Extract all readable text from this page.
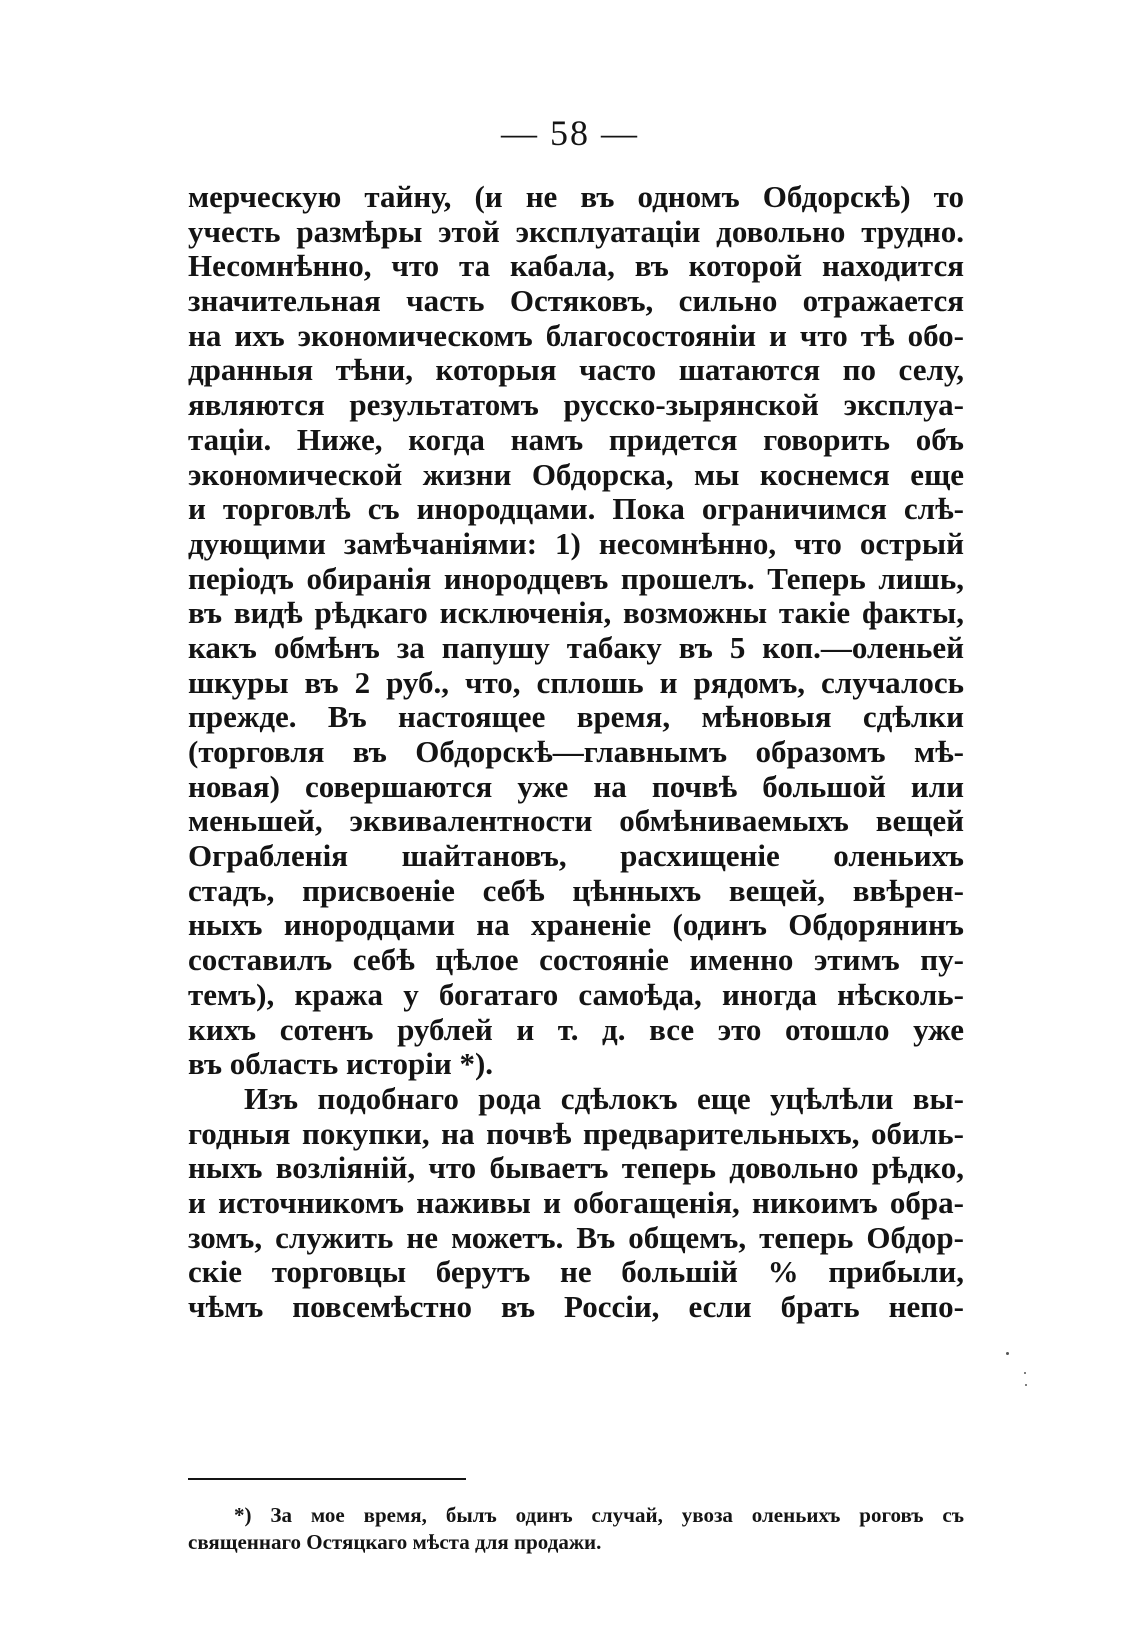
— 58 —
мерческую тайну, (и не въ одномъ Обдорскѣ) то
учесть размѣры этой эксплуатаціи довольно трудно.
Несомнѣнно, что та кабала, въ которой находится
значительная часть Остяковъ, сильно отражается
на ихъ экономическомъ благосостояніи и что тѣ обо-
дранныя тѣни, которыя часто шатаются по селу,
являются результатомъ русско-зырянской эксплуа-
таціи. Ниже, когда намъ придется говорить объ
экономической жизни Обдорска, мы коснемся еще
и торговлѣ съ инородцами. Пока ограничимся слѣ-
дующими замѣчаніями: 1) несомнѣнно, что острый
періодъ обиранія инородцевъ прошелъ. Теперь лишь,
въ видѣ рѣдкаго исключенія, возможны такіе факты,
какъ обмѣнъ за папушу табаку въ 5 коп.—оленьей
шкуры въ 2 руб., что, сплошь и рядомъ, случалось
прежде. Въ настоящее время, мѣновыя сдѣлки
(торговля въ Обдорскѣ—главнымъ образомъ мѣ-
новая) совершаются уже на почвѣ большой или
меньшей, эквивалентности обмѣниваемыхъ вещей
Ограбленія шайтановъ, расхищеніе оленьихъ
стадъ, присвоеніе себѣ цѣнныхъ вещей, ввѣрен-
ныхъ инородцами на храненіе (одинъ Обдорянинъ
составилъ себѣ цѣлое состояніе именно этимъ пу-
темъ), кража у богатаго самоѣда, иногда нѣсколь-
кихъ сотенъ рублей и т. д. все это отошло уже
въ область исторіи *).
Изъ подобнаго рода сдѣлокъ еще уцѣлѣли вы-
годныя покупки, на почвѣ предварительныхъ, обиль-
ныхъ возліяній, что бываетъ теперь довольно рѣдко,
и источникомъ наживы и обогащенія, никоимъ обра-
зомъ, служить не можетъ. Въ общемъ, теперь Обдор-
скіе торговцы берутъ не большій % прибыли,
чѣмъ повсемѣстно въ Россіи, если брать непо-
*) За мое время, былъ одинъ случай, увоза оленьихъ роговъ съ
священнаго Остяцкаго мѣста для продажи.
